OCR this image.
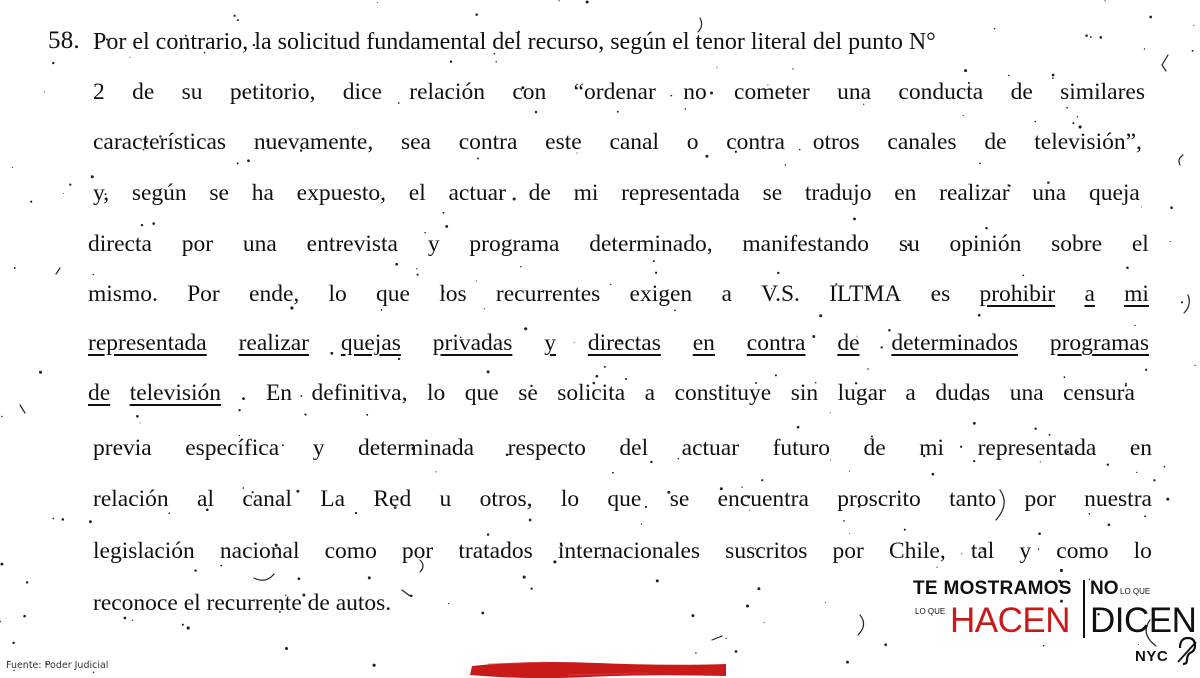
58. Por
el
contrario,
la
solicitud
fundamental
del
recurso,
según
el
tenor
literal
del
punto
N°

2 de su petitorio, dice relación con “ordenar no cometer una conducta de similares
características nuevamente, sea contra este canal o contra otros canales de televisión”,
y, según se ha expuesto, el actuar de mi representada se tradujo en realizar una queja
directa por una entrevista y programa determinado, manifestando su opinión sobre el
mismo. Por ende, lo que los recurrentes exigen a V.S. ILTMA es prohibir a mi
representada realizar quejas privadas y directas en contra de determinados programas
de televisión . En definitiva, lo que se solicita a constituye sin lugar a dudas una censura
previa específica y determinada respecto del actuar futuro de mi representada en
relación al canal La Red u otros, lo que se encuentra proscrito tanto por nuestra
legislación nacional como por tratados internacionales suscritos por Chile, tal y como lo
reconoce
el
recurrente
de
autos.

Fuente: Poder Judicial
TE MOSTRAMOS
LO QUE HACEN
NO LO QUE
DICEN
NYC
